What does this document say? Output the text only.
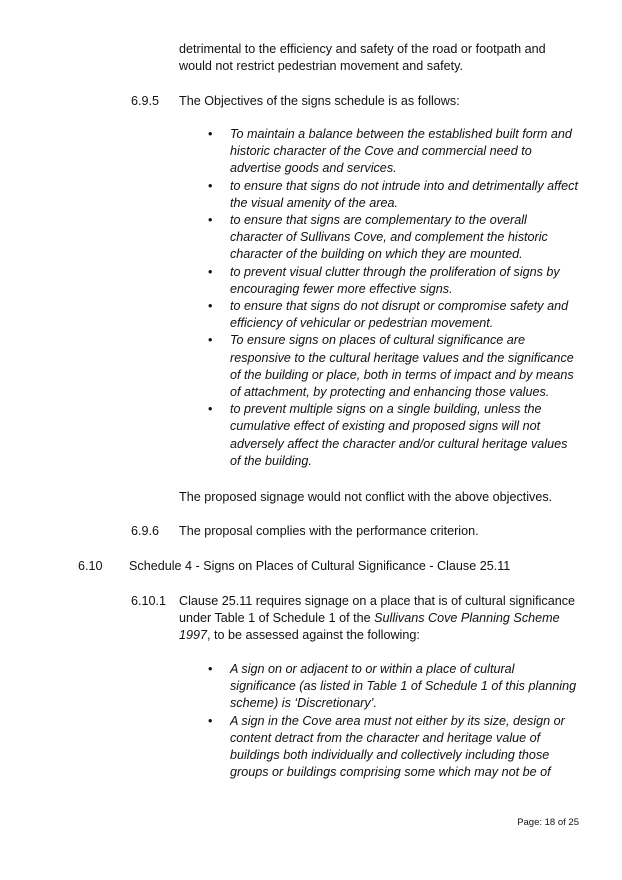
detrimental to the efficiency and safety of the road or footpath and would not restrict pedestrian movement and safety.
6.9.5 The Objectives of the signs schedule is as follows:
• To maintain a balance between the established built form and historic character of the Cove and commercial need to advertise goods and services.
• to ensure that signs do not intrude into and detrimentally affect the visual amenity of the area.
• to ensure that signs are complementary to the overall character of Sullivans Cove, and complement the historic character of the building on which they are mounted.
• to prevent visual clutter through the proliferation of signs by encouraging fewer more effective signs.
• to ensure that signs do not disrupt or compromise safety and efficiency of vehicular or pedestrian movement.
• To ensure signs on places of cultural significance are responsive to the cultural heritage values and the significance of the building or place, both in terms of impact and by means of attachment, by protecting and enhancing those values.
• to prevent multiple signs on a single building, unless the cumulative effect of existing and proposed signs will not adversely affect the character and/or cultural heritage values of the building.
The proposed signage would not conflict with the above objectives.
6.9.6 The proposal complies with the performance criterion.
6.10 Schedule 4 - Signs on Places of Cultural Significance - Clause 25.11
6.10.1 Clause 25.11 requires signage on a place that is of cultural significance under Table 1 of Schedule 1 of the Sullivans Cove Planning Scheme 1997, to be assessed against the following:
• A sign on or adjacent to or within a place of cultural significance (as listed in Table 1 of Schedule 1 of this planning scheme) is ‘Discretionary’.
• A sign in the Cove area must not either by its size, design or content detract from the character and heritage value of buildings both individually and collectively including those groups or buildings comprising some which may not be of
Page: 18 of 25
